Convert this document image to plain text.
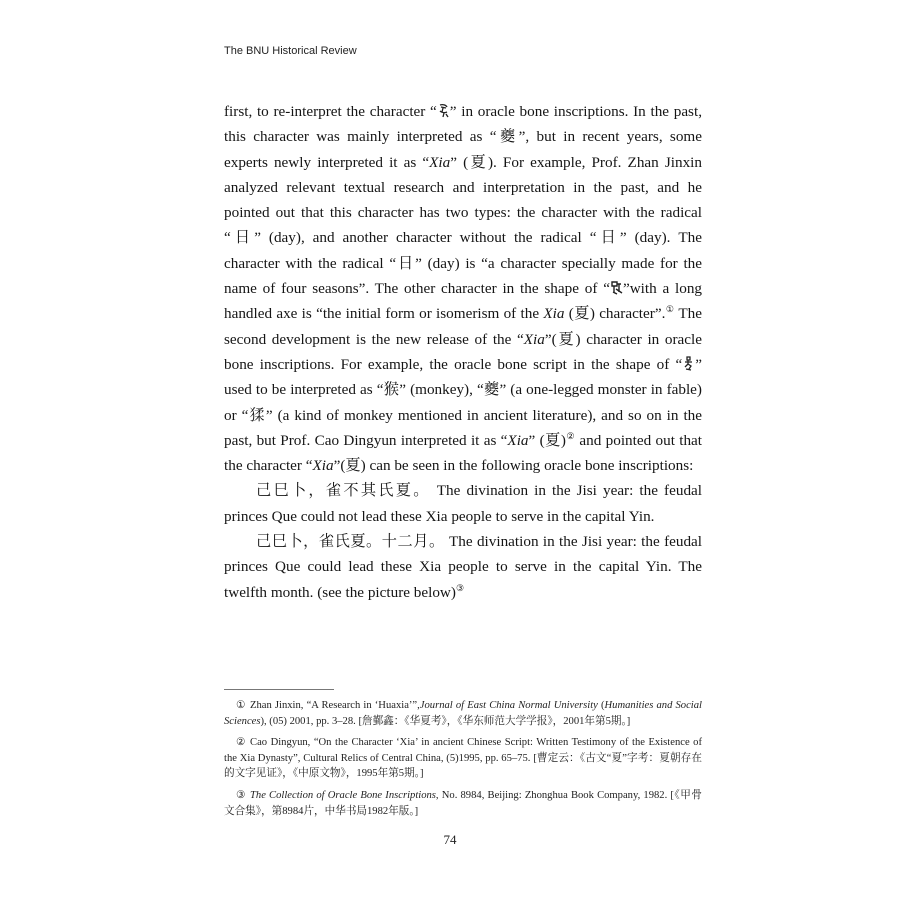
The BNU Historical Review

first, to re-interpret the character “ ” in oracle bone inscriptions. In the past, this character was mainly interpreted as “夔”, but in recent years, some experts newly interpreted it as “Xia” (夏). For example, Prof. Zhan Jinxin analyzed relevant textual research and interpretation in the past, and he pointed out that this character has two types: the character with the radical “日” (day), and another character without the radical “日” (day). The character with the radical “日” (day) is “a character specially made for the name of four seasons”. The other character in the shape of “ ”with a long handled axe is “the initial form or isomerism of the Xia (夏) character”.① The second development is the new release of the “Xia”(夏) character in oracle bone inscriptions. For example, the oracle bone script in the shape of “ ” used to be interpreted as “猴” (monkey), “夔” (a one-legged monster in fable) or “猱” (a kind of monkey mentioned in ancient literature), and so on in the past, but Prof. Cao Dingyun interpreted it as “Xia” (夏)② and pointed out that the character “Xia”(夏) can be seen in the following oracle bone inscriptions:

己巳卜，雀不其氏夏。 The divination in the Jisi year: the feudal princes Que could not lead these Xia people to serve in the capital Yin.

己巳卜，雀氏夏。十二月。 The divination in the Jisi year: the feudal princes Que could lead these Xia people to serve in the capital Yin. The twelfth month. (see the picture below)③

① Zhan Jinxin, “A Research in ‘Huaxia’”,Journal of East China Normal University (Humanities and Social Sciences), (05) 2001, pp. 3–28. [詹鄞鑫：《华夏考》，《华东师范大学学报》，2001年第5期。]

② Cao Dingyun, “On the Character ‘Xia’ in ancient Chinese Script: Written Testimony of the Existence of the Xia Dynasty”, Cultural Relics of Central China, (5)1995, pp. 65–75. [曹定云：《古文“夏”字考：夏朝存在的文字见证》，《中原文物》，1995年第5期。]

③ The Collection of Oracle Bone Inscriptions, No. 8984, Beijing: Zhonghua Book Company, 1982. [《甲骨文合集》，第8984片，中华书局1982年版。]

74
